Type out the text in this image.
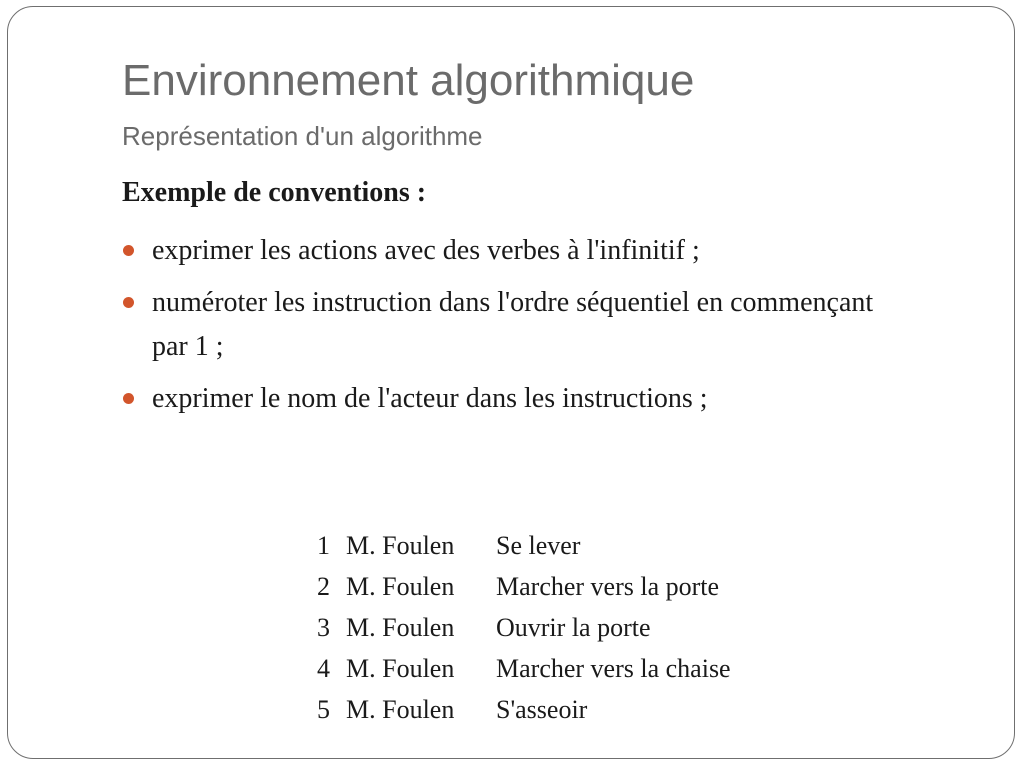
Environnement algorithmique
Représentation d'un algorithme
Exemple de conventions :
exprimer les actions avec des verbes à l'infinitif ;
numéroter les instruction dans l'ordre séquentiel en commençant par 1 ;
exprimer le nom de l'acteur dans les instructions ;
1 M. Foulen	Se lever
2 M. Foulen	Marcher vers la porte
3 M. Foulen	Ouvrir la porte
4 M. Foulen	Marcher vers la chaise
5 M. Foulen	S'asseoir
